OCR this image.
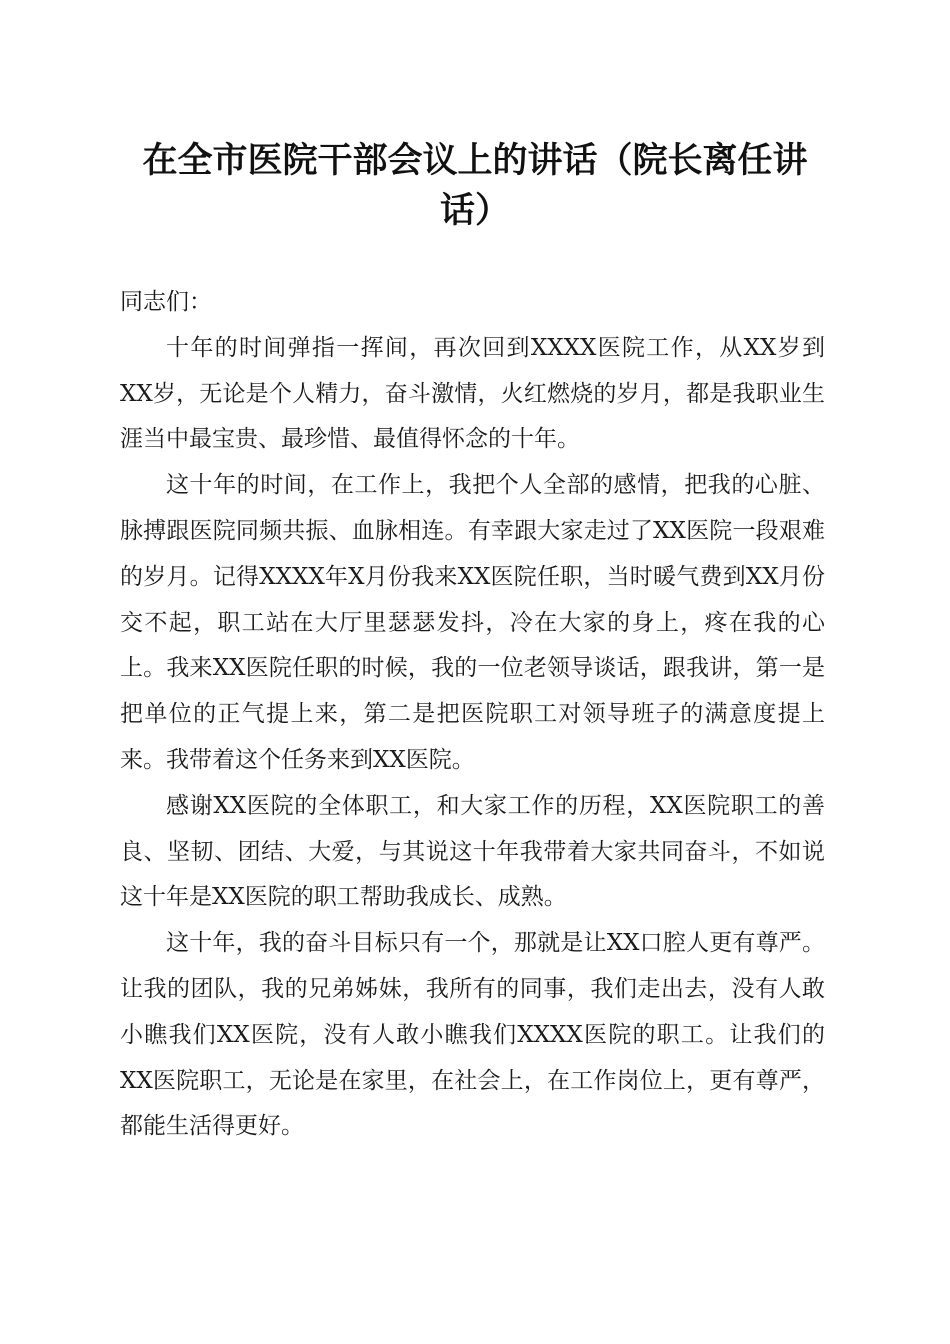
在全市医院干部会议上的讲话（院长离任讲话）

同志们：

十年的时间弹指一挥间，再次回到XXXX医院工作，从XX岁到XX岁，无论是个人精力，奋斗激情，火红燃烧的岁月，都是我职业生涯当中最宝贵、最珍惜、最值得怀念的十年。

这十年的时间，在工作上，我把个人全部的感情，把我的心脏、脉搏跟医院同频共振、血脉相连。有幸跟大家走过了XX医院一段艰难的岁月。记得XXXX年X月份我来XX医院任职，当时暖气费到XX月份交不起，职工站在大厅里瑟瑟发抖，冷在大家的身上，疼在我的心上。我来XX医院任职的时候，我的一位老领导谈话，跟我讲，第一是把单位的正气提上来，第二是把医院职工对领导班子的满意度提上来。我带着这个任务来到XX医院。

感谢XX医院的全体职工，和大家工作的历程，XX医院职工的善良、坚韧、团结、大爱，与其说这十年我带着大家共同奋斗，不如说这十年是XX医院的职工帮助我成长、成熟。

这十年，我的奋斗目标只有一个，那就是让XX口腔人更有尊严。让我的团队，我的兄弟姊妹，我所有的同事，我们走出去，没有人敢小瞧我们XX医院，没有人敢小瞧我们XXXX医院的职工。让我们的XX医院职工，无论是在家里，在社会上，在工作岗位上，更有尊严，都能生活得更好。
